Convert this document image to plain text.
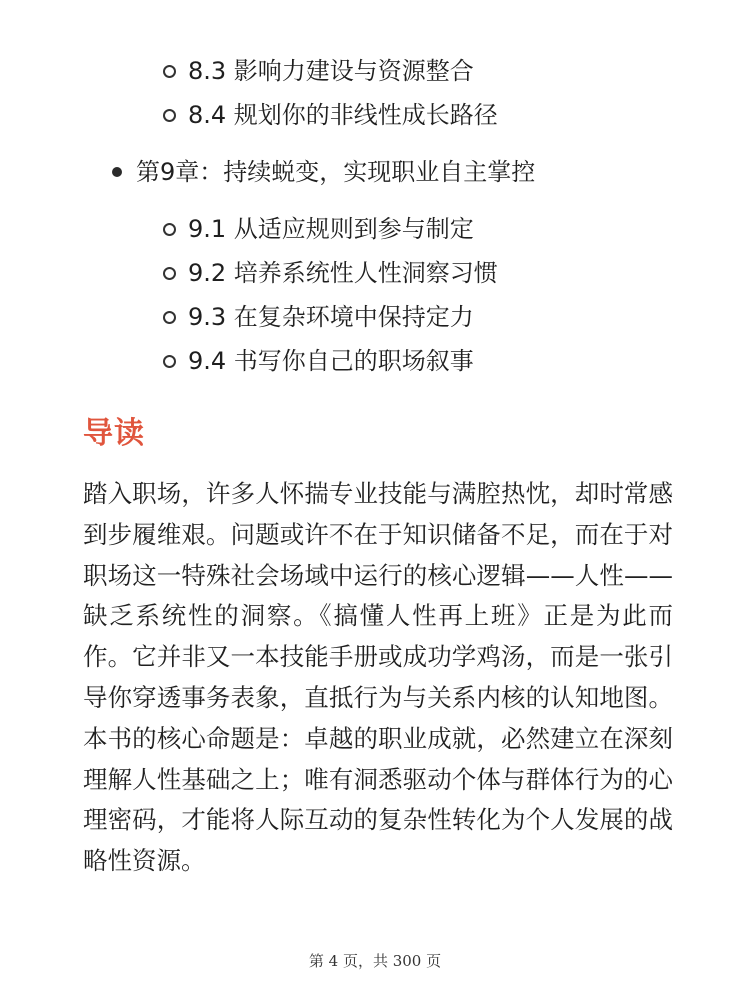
8.3 影响力建设与资源整合
8.4 规划你的非线性成长路径
第9章：持续蜕变，实现职业自主掌控
9.1 从适应规则到参与制定
9.2 培养系统性人性洞察习惯
9.3 在复杂环境中保持定力
9.4 书写你自己的职场叙事
导读

踏入职场，许多人怀揣专业技能与满腔热忱，却时常感到步履维艰。问题或许不在于知识储备不足，而在于对职场这一特殊社会场域中运行的核心逻辑——人性——缺乏系统性的洞察。《搞懂人性再上班》正是为此而作。它并非又一本技能手册或成功学鸡汤，而是一张引导你穿透事务表象，直抵行为与关系内核的认知地图。本书的核心命题是：卓越的职业成就，必然建立在深刻理解人性基础之上；唯有洞悉驱动个体与群体行为的心理密码，才能将人际互动的复杂性转化为个人发展的战略性资源。

第 4 页，共 300 页
